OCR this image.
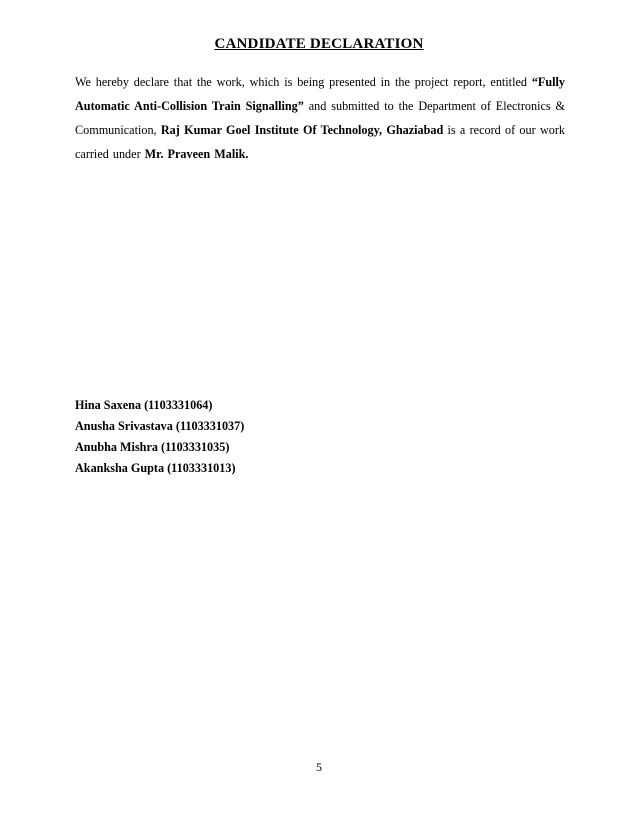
CANDIDATE DECLARATION

We hereby declare that the work, which is being presented in the project report, entitled “Fully Automatic Anti-Collision Train Signalling” and submitted to the Department of Electronics & Communication, Raj Kumar Goel Institute Of Technology, Ghaziabad is a record of our work carried under Mr. Praveen Malik.

Hina Saxena (1103331064)
Anusha Srivastava (1103331037)
Anubha Mishra (1103331035)
Akanksha Gupta (1103331013)
5
